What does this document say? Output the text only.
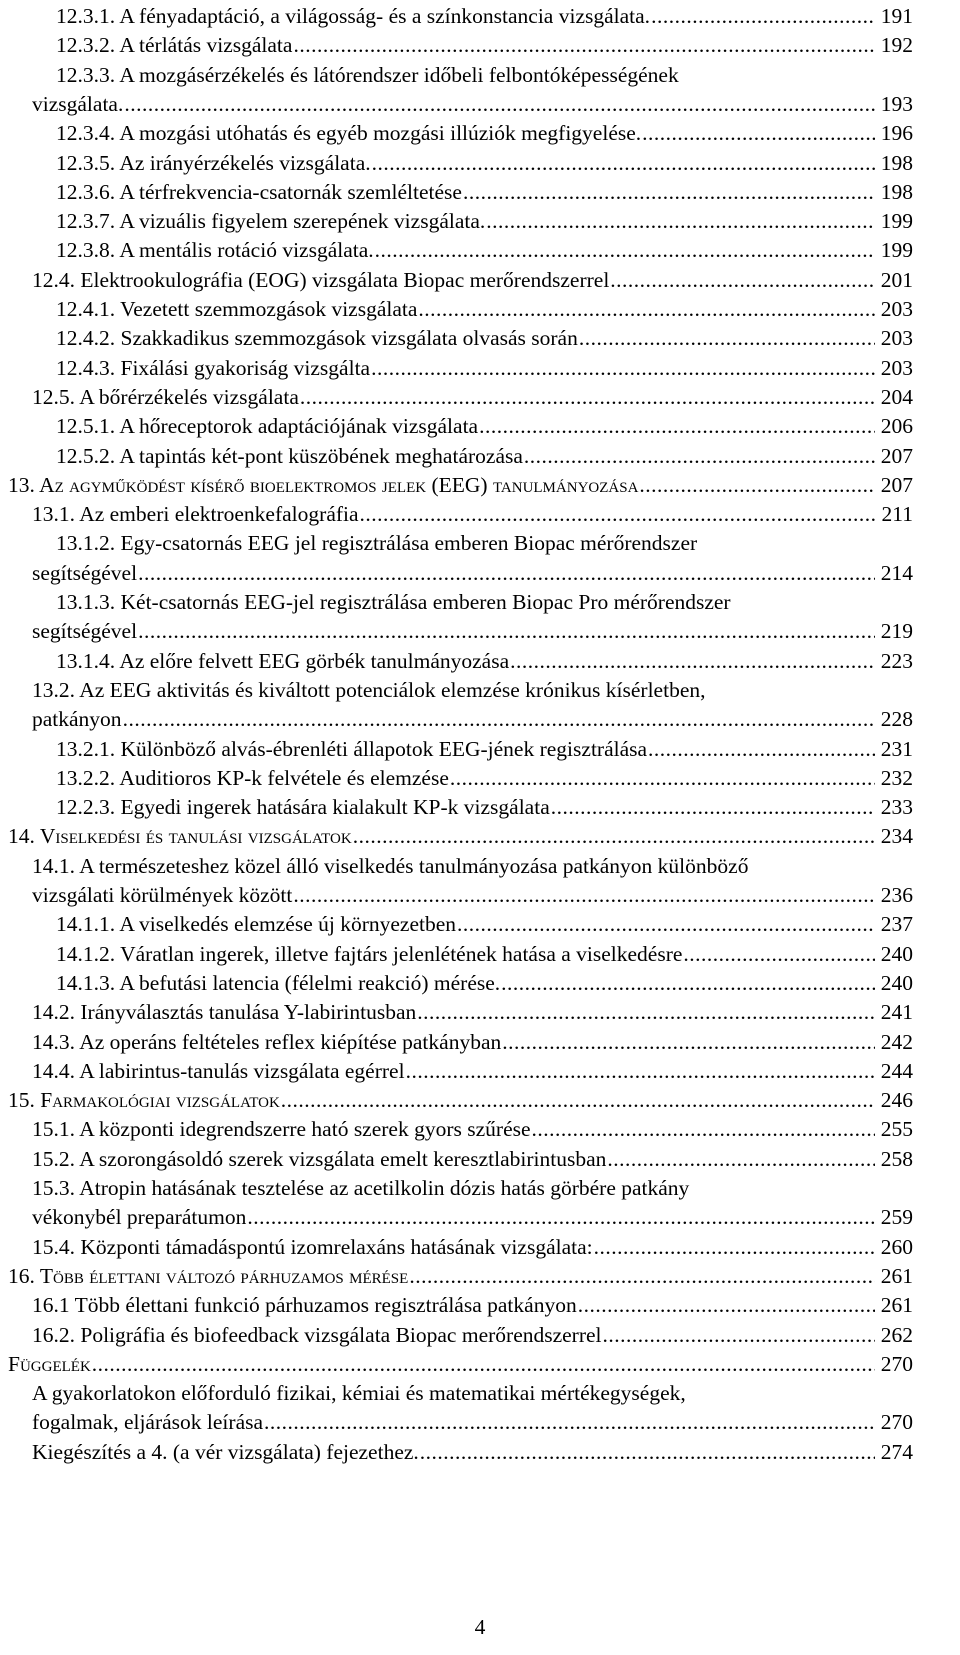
12.3.1. A fényadaptáció, a világosság- és a színkonstancia vizsgálata. .....	191
12.3.2. A térlátás vizsgálata .....	192
12.3.3. A mozgásérzékelés és látórendszer időbeli felbontóképességének
vizsgálata. .....	193
12.3.4. A mozgási utóhatás és egyéb mozgási illúziók megfigyelése. .....	196
12.3.5. Az irányérzékelés vizsgálata. .....	198
12.3.6. A térfrekvencia-csatornák szemléltetése .....	198
12.3.7. A vizuális figyelem szerepének vizsgálata. .....	199
12.3.8. A mentális rotáció vizsgálata. .....	199
12.4. Elektrookulográfia (EOG) vizsgálata Biopac merőrendszerrel .....	201
12.4.1. Vezetett szemmozgások vizsgálata .....	203
12.4.2. Szakkadikus szemmozgások vizsgálata olvasás során .....	203
12.4.3. Fixálási gyakoriság vizsgálta .....	203
12.5. A bőrérzékelés vizsgálata .....	204
12.5.1. A hőreceptorok adaptációjának vizsgálata .....	206
12.5.2. A tapintás két-pont küszöbének meghatározása .....	207
13. Az agyműködést kísérő bioelektromos jelek (EEG) tanulmányozása .....	207
13.1. Az emberi elektroenkefalográfia .....	211
13.1.2. Egy-csatornás EEG jel regisztrálása emberen Biopac mérőrendszer
segítségével .....	214
13.1.3. Két-csatornás EEG-jel regisztrálása emberen Biopac Pro mérőrendszer
segítségével .....	219
13.1.4. Az előre felvett EEG görbék tanulmányozása .....	223
13.2. Az EEG aktivitás és kiváltott potenciálok elemzése krónikus kísérletben,
patkányon .....	228
13.2.1. Különböző alvás-ébrenléti állapotok EEG-jének regisztrálása .....	231
13.2.2. Auditioros KP-k felvétele és elemzése .....	232
12.2.3. Egyedi ingerek hatására kialakult KP-k vizsgálata .....	233
14. Viselkedési és tanulási vizsgálatok .....	234
14.1. A természeteshez közel álló viselkedés tanulmányozása patkányon különböző
vizsgálati körülmények között .....	236
14.1.1. A viselkedés elemzése új környezetben .....	237
14.1.2. Váratlan ingerek, illetve fajtárs jelenlétének hatása a viselkedésre .....	240
14.1.3. A befutási latencia (félelmi reakció) mérése. .....	240
14.2. Irányválasztás tanulása Y-labirintusban .....	241
14.3. Az operáns feltételes reflex kiépítése patkányban .....	242
14.4. A labirintus-tanulás vizsgálata egérrel .....	244
15. Farmakológiai vizsgálatok .....	246
15.1. A központi idegrendszerre ható szerek gyors szűrése .....	255
15.2. A szorongásoldó szerek vizsgálata emelt keresztlabirintusban .....	258
15.3. Atropin hatásának tesztelése az acetilkolin dózis hatás görbére patkány
vékonybél preparátumon .....	259
15.4. Központi támadáspontú izomrelaxáns hatásának vizsgálata: .....	260
16. Több élettani változó párhuzamos mérése .....	261
16.1 Több élettani funkció párhuzamos regisztrálása patkányon .....	261
16.2. Poligráfia és biofeedback vizsgálata Biopac merőrendszerrel .....	262
Függelék .....	270
A gyakorlatokon előforduló fizikai, kémiai és matematikai mértékegységek,
fogalmak, eljárások leírása .....	270
Kiegészítés a 4. (a vér vizsgálata) fejezethez. .....	274
4
